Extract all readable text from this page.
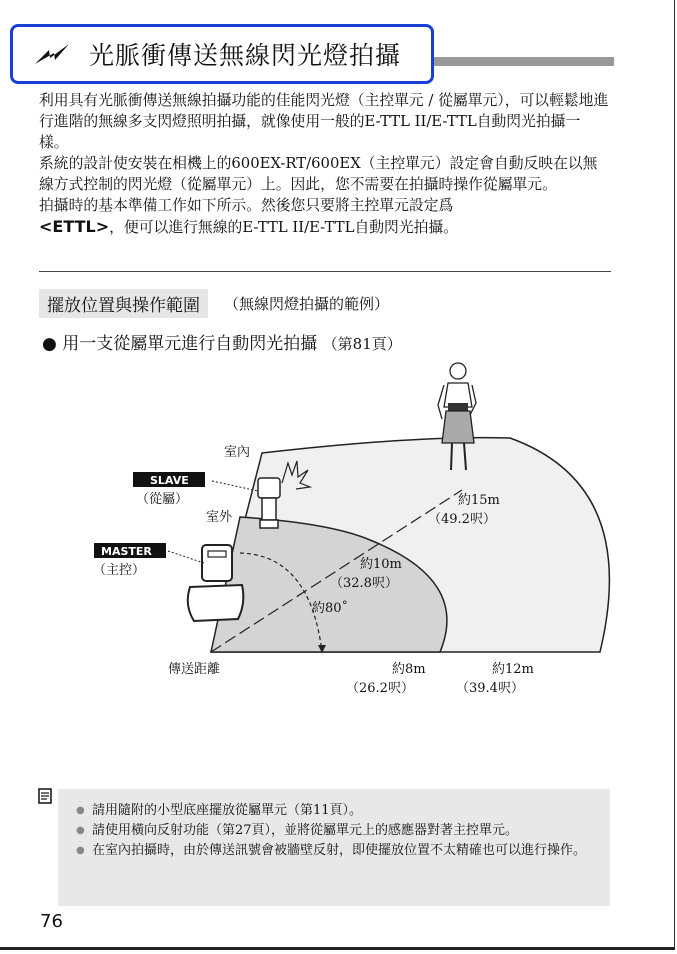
光脈衝傳送無線閃光燈拍攝

利用具有光脈衝傳送無線拍攝功能的佳能閃光燈（主控單元 / 從屬單元），可以輕鬆地進行進階的無線多支閃燈照明拍攝，就像使用一般的E-TTL II/E-TTL自動閃光拍攝一樣。

系統的設計使安裝在相機上的600EX-RT/600EX（主控單元）設定會自動反映在以無線方式控制的閃光燈（從屬單元）上。因此，您不需要在拍攝時操作從屬單元。

拍攝時的基本準備工作如下所示。然後您只要將主控單元設定爲
<ETTL>，便可以進行無線的E-TTL II/E-TTL自動閃光拍攝。

擺放位置與操作範圍	（無線閃燈拍攝的範例）
● 用一支從屬單元進行自動閃光拍攝 （第81頁）
室內
SLAVE
（從屬）
室外
MASTER
（主控）
約15m
（49.2呎）
約10m
（32.8呎）
約80˚
傳送距離	約8m
（26.2呎）
約12m
（39.4呎）
● 請用隨附的小型底座擺放從屬單元（第11頁）。
● 請使用橫向反射功能（第27頁），並將從屬單元上的感應器對著主控單元。
● 在室內拍攝時，由於傳送訊號會被牆壁反射，即使擺放位置不太精確也可以進行操作。
76
